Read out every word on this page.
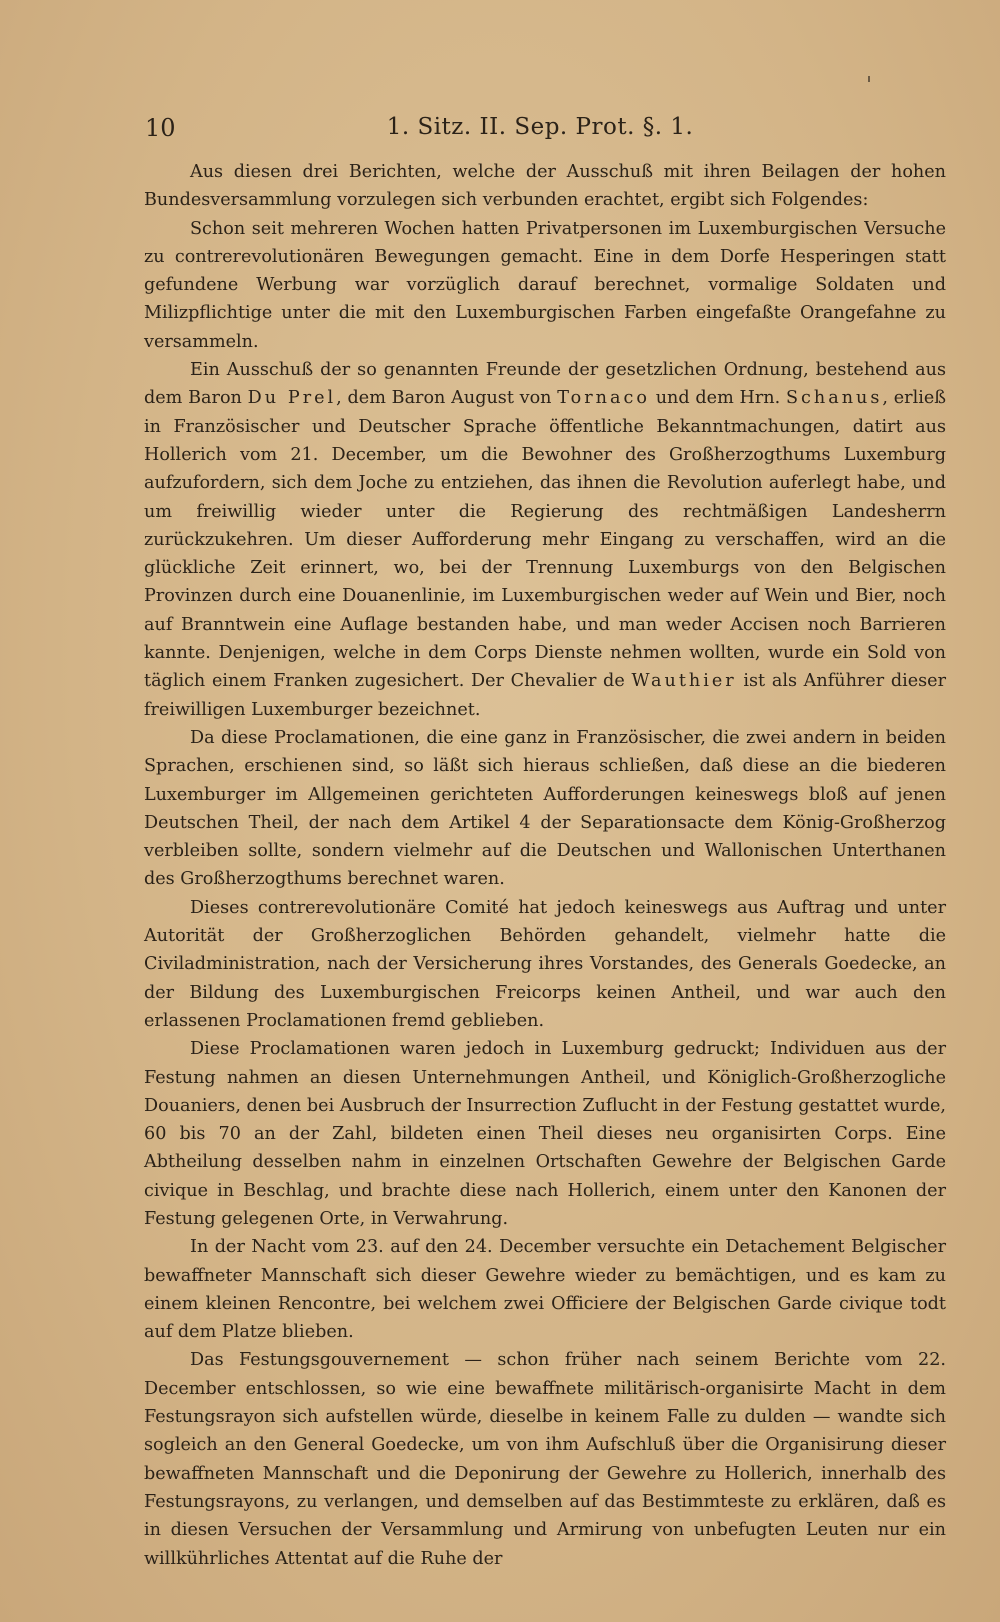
10	1. Sitz. II. Sep. Prot. §. 1.

Aus diesen drei Berichten, welche der Ausschuß mit ihren Beilagen der hohen Bundesversammlung vorzulegen sich verbunden erachtet, ergibt sich Folgendes:

Schon seit mehreren Wochen hatten Privatpersonen im Luxemburgischen Versuche zu contrerevolutionären Bewegungen gemacht. Eine in dem Dorfe Hesperingen statt gefundene Werbung war vorzüglich darauf berechnet, vormalige Soldaten und Milizpflichtige unter die mit den Luxemburgischen Farben eingefaßte Orangefahne zu versammeln.

Ein Ausschuß der so genannten Freunde der gesetzlichen Ordnung, bestehend aus dem Baron Du Prel, dem Baron August von Tornaco und dem Hrn. Schanus, erließ in Französischer und Deutscher Sprache öffentliche Bekanntmachungen, datirt aus Hollerich vom 21. December, um die Bewohner des Großherzogthums Luxemburg aufzufordern, sich dem Joche zu entziehen, das ihnen die Revolution auferlegt habe, und um freiwillig wieder unter die Regierung des rechtmäßigen Landesherrn zurückzukehren. Um dieser Aufforderung mehr Eingang zu verschaffen, wird an die glückliche Zeit erinnert, wo, bei der Trennung Luxemburgs von den Belgischen Provinzen durch eine Douanenlinie, im Luxemburgischen weder auf Wein und Bier, noch auf Branntwein eine Auflage bestanden habe, und man weder Accisen noch Barrieren kannte. Denjenigen, welche in dem Corps Dienste nehmen wollten, wurde ein Sold von täglich einem Franken zugesichert. Der Chevalier de Wauthier ist als Anführer dieser freiwilligen Luxemburger bezeichnet.

Da diese Proclamationen, die eine ganz in Französischer, die zwei andern in beiden Sprachen, erschienen sind, so läßt sich hieraus schließen, daß diese an die biederen Luxemburger im Allgemeinen gerichteten Aufforderungen keineswegs bloß auf jenen Deutschen Theil, der nach dem Artikel 4 der Separationsacte dem König-Großherzog verbleiben sollte, sondern vielmehr auf die Deutschen und Wallonischen Unterthanen des Großherzogthums berechnet waren.

Dieses contrerevolutionäre Comité hat jedoch keineswegs aus Auftrag und unter Autorität der Großherzoglichen Behörden gehandelt, vielmehr hatte die Civiladministration, nach der Versicherung ihres Vorstandes, des Generals Goedecke, an der Bildung des Luxemburgischen Freicorps keinen Antheil, und war auch den erlassenen Proclamationen fremd geblieben.

Diese Proclamationen waren jedoch in Luxemburg gedruckt; Individuen aus der Festung nahmen an diesen Unternehmungen Antheil, und Königlich-Großherzogliche Douaniers, denen bei Ausbruch der Insurrection Zuflucht in der Festung gestattet wurde, 60 bis 70 an der Zahl, bildeten einen Theil dieses neu organisirten Corps. Eine Abtheilung desselben nahm in einzelnen Ortschaften Gewehre der Belgischen Garde civique in Beschlag, und brachte diese nach Hollerich, einem unter den Kanonen der Festung gelegenen Orte, in Verwahrung.

In der Nacht vom 23. auf den 24. December versuchte ein Detachement Belgischer bewaffneter Mannschaft sich dieser Gewehre wieder zu bemächtigen, und es kam zu einem kleinen Rencontre, bei welchem zwei Officiere der Belgischen Garde civique todt auf dem Platze blieben.

Das Festungsgouvernement — schon früher nach seinem Berichte vom 22. December entschlossen, so wie eine bewaffnete militärisch-organisirte Macht in dem Festungsrayon sich aufstellen würde, dieselbe in keinem Falle zu dulden — wandte sich sogleich an den General Goedecke, um von ihm Aufschluß über die Organisirung dieser bewaffneten Mannschaft und die Deponirung der Gewehre zu Hollerich, innerhalb des Festungsrayons, zu verlangen, und demselben auf das Bestimmteste zu erklären, daß es in diesen Versuchen der Versammlung und Armirung von unbefugten Leuten nur ein willkührliches Attentat auf die Ruhe der
